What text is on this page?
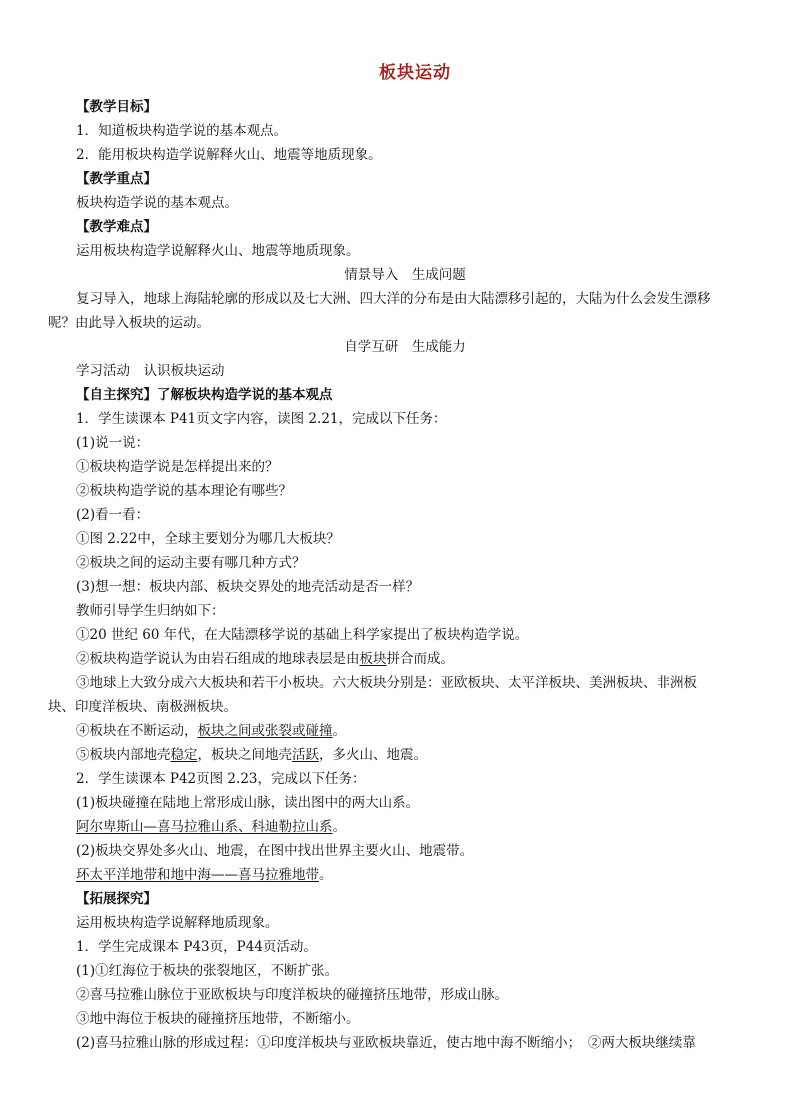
板块运动
【教学目标】
1．知道板块构造学说的基本观点。
2．能用板块构造学说解释火山、地震等地质现象。
【教学重点】
板块构造学说的基本观点。
【教学难点】
运用板块构造学说解释火山、地震等地质现象。
情景导入　生成问题
复习导入，地球上海陆轮廓的形成以及七大洲、四大洋的分布是由大陆漂移引起的，大陆为什么会发生漂移
呢？由此导入板块的运动。
自学互研　生成能力
学习活动　认识板块运动
【自主探究】了解板块构造学说的基本观点
1．学生读课本 P41页文字内容，读图 2.21，完成以下任务：
(1)说一说：
①板块构造学说是怎样提出来的？
②板块构造学说的基本理论有哪些？
(2)看一看：
①图 2.22中，全球主要划分为哪几大板块？
②板块之间的运动主要有哪几种方式？
(3)想一想：板块内部、板块交界处的地壳活动是否一样？
教师引导学生归纳如下：
①20 世纪 60 年代，在大陆漂移学说的基础上科学家提出了板块构造学说。
②板块构造学说认为由岩石组成的地球表层是由板块拼合而成。
③地球上大致分成六大板块和若干小板块。六大板块分别是：亚欧板块、太平洋板块、美洲板块、非洲板
块、印度洋板块、南极洲板块。
④板块在不断运动，板块之间或张裂或碰撞。
⑤板块内部地壳稳定，板块之间地壳活跃，多火山、地震。
2．学生读课本 P42页图 2.23，完成以下任务：
(1)板块碰撞在陆地上常形成山脉，读出图中的两大山系。
阿尔卑斯山—喜马拉雅山系、科迪勒拉山系。
(2)板块交界处多火山、地震，在图中找出世界主要火山、地震带。
环太平洋地带和地中海——喜马拉雅地带。
【拓展探究】
运用板块构造学说解释地质现象。
1．学生完成课本 P43页，P44页活动。
(1)①红海位于板块的张裂地区，不断扩张。
②喜马拉雅山脉位于亚欧板块与印度洋板块的碰撞挤压地带，形成山脉。
③地中海位于板块的碰撞挤压地带，不断缩小。
(2)喜马拉雅山脉的形成过程：①印度洋板块与亚欧板块靠近，使古地中海不断缩小；　②两大板块继续靠
